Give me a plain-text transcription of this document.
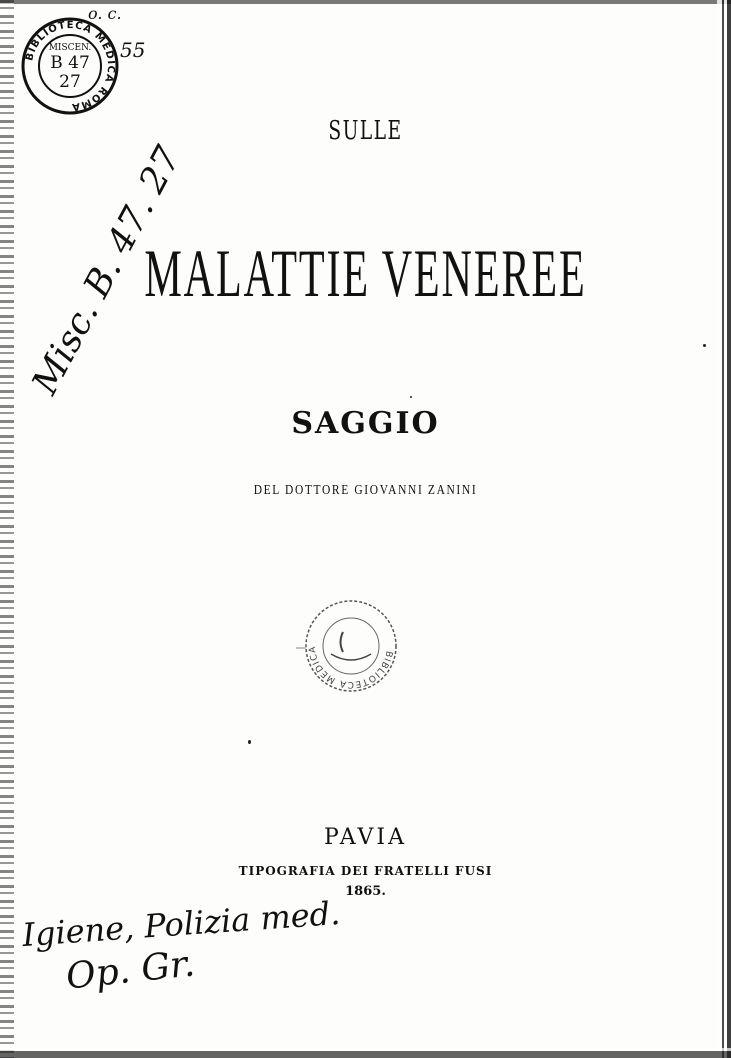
BIBLIOTECA MEDICA ROMA
MISCEN.
B 47
27
o. c.
55
Misc. B. 47. 27
SULLE
MALATTIE VENEREE
SAGGIO
DEL DOTTORE GIOVANNI ZANINI
BIBLIOTECA MEDICA
PAVIA
TIPOGRAFIA DEI FRATELLI FUSI
1865.
Igiene, Polizia med.
Op. Gr.
